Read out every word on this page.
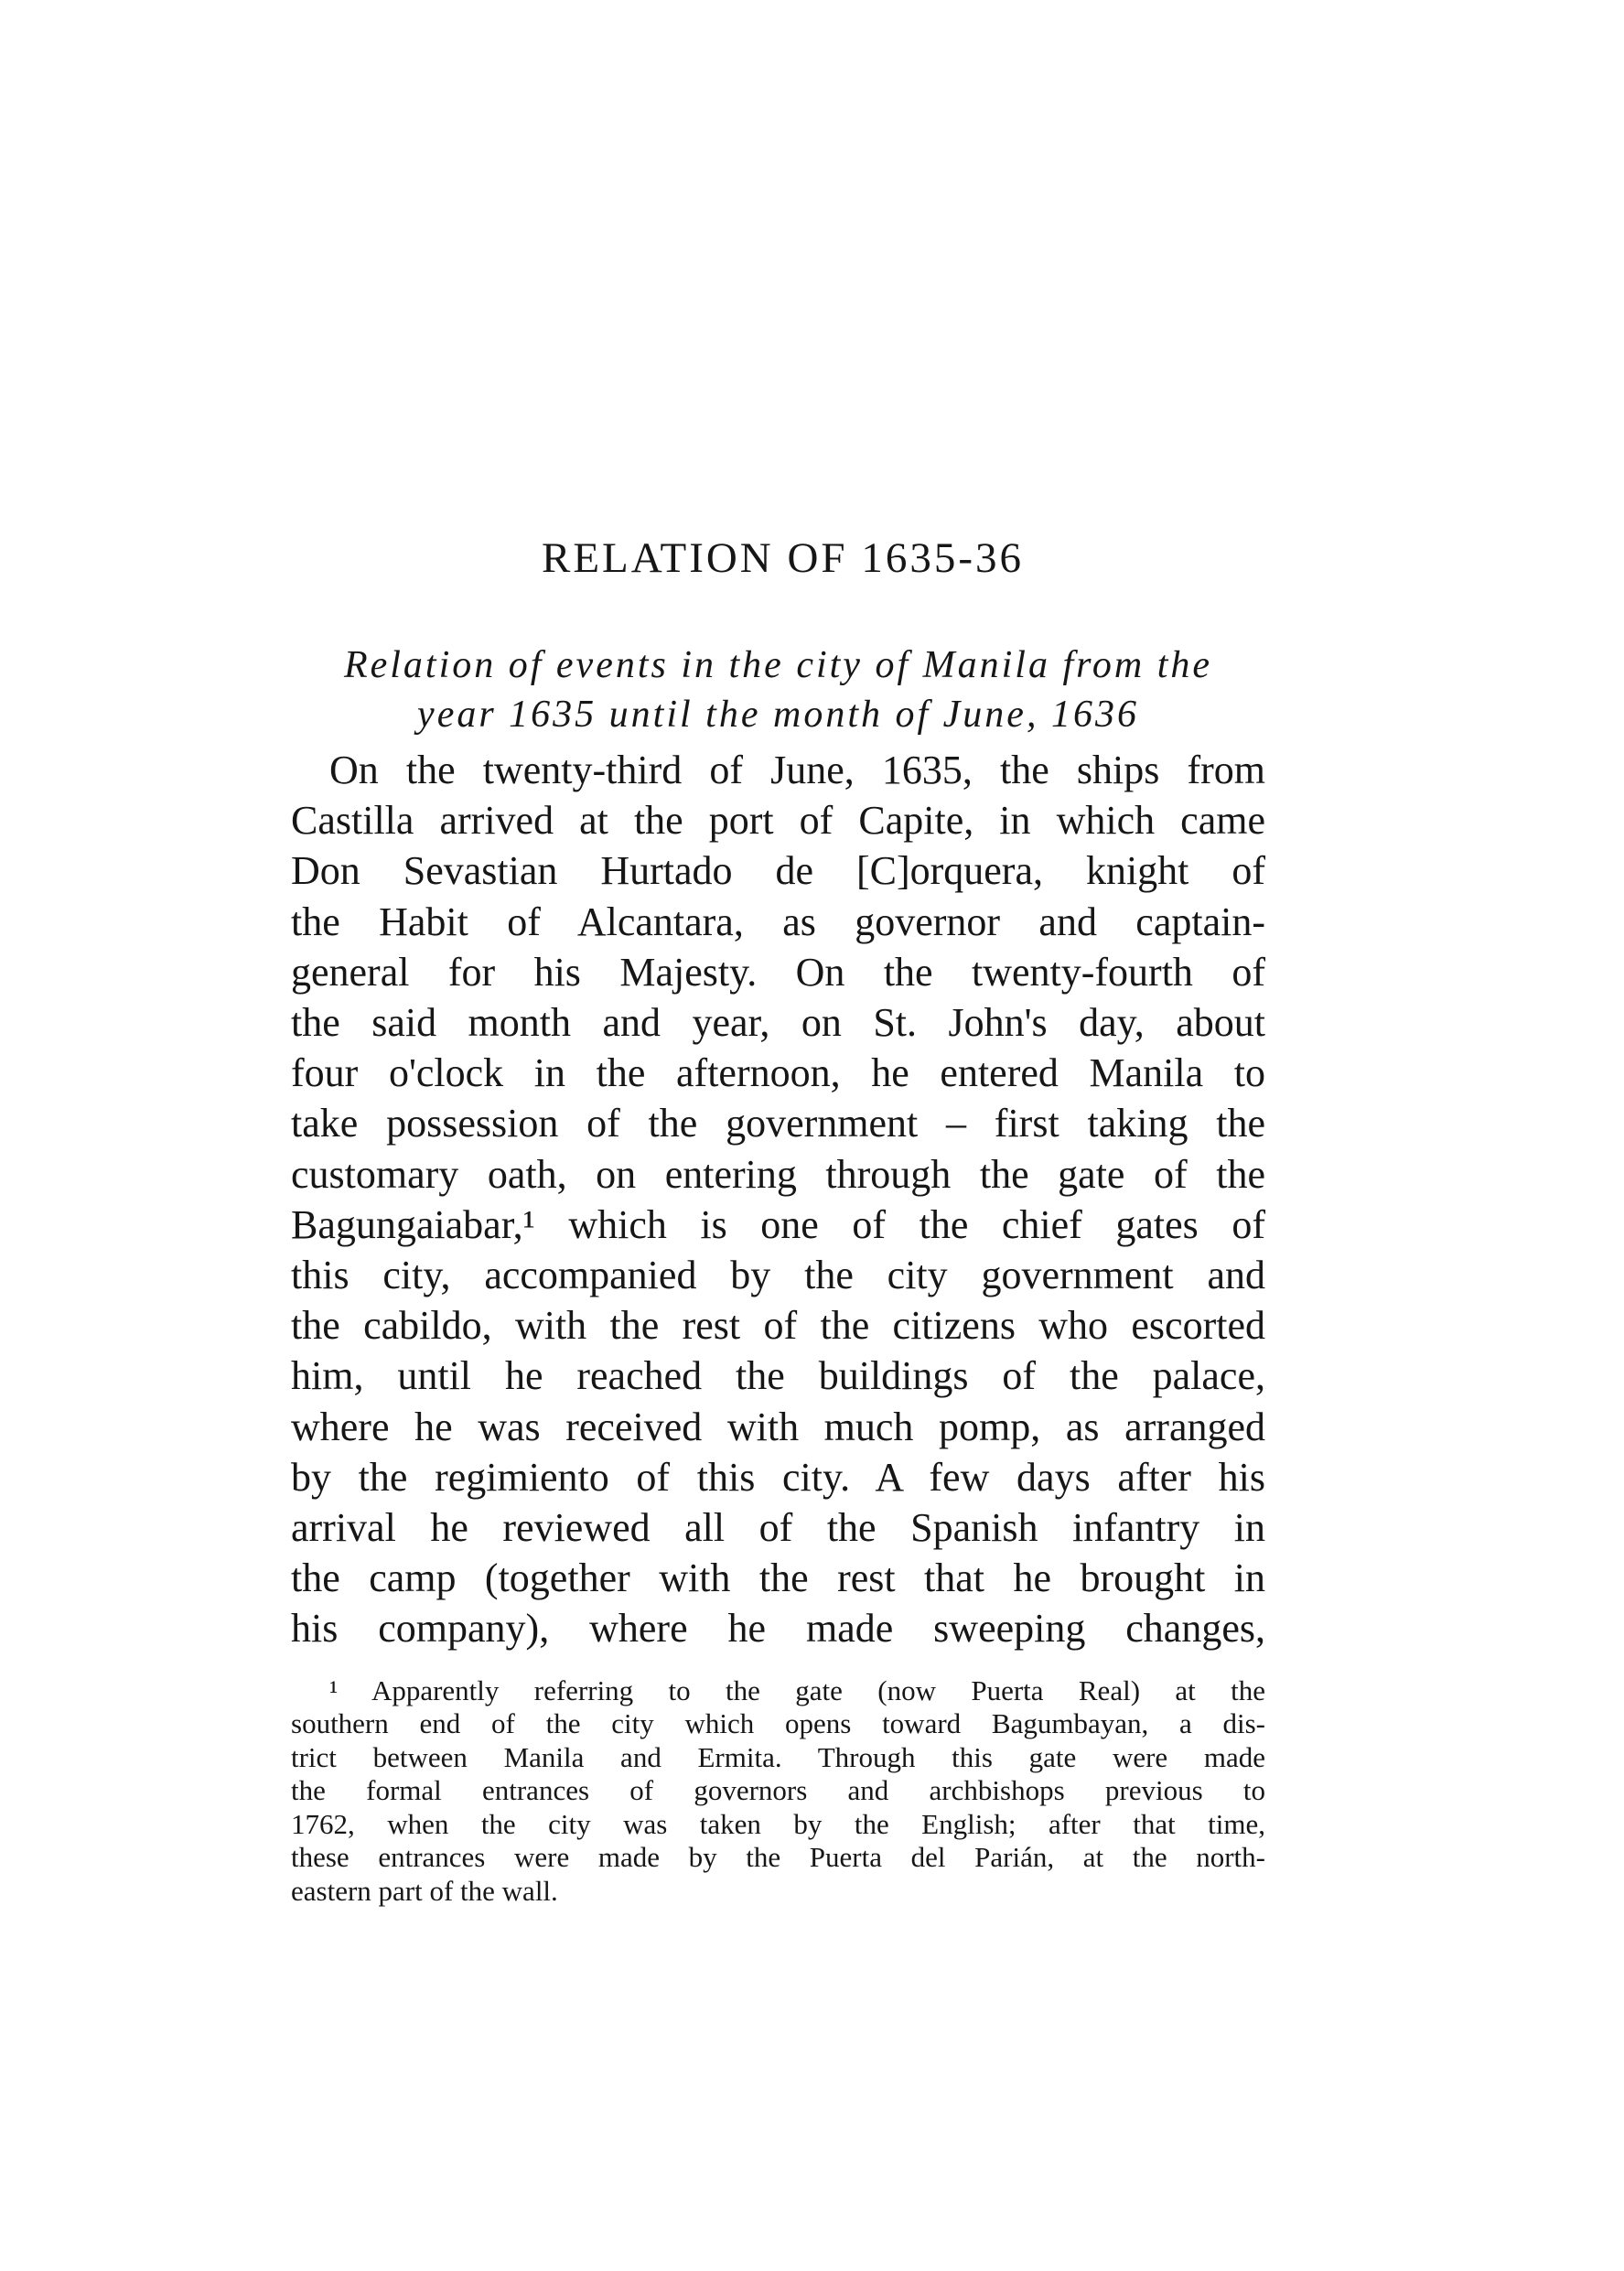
RELATION OF 1635-36
Relation of events in the city of Manila from the
year 1635 until the month of June, 1636
On the twenty-third of June, 1635, the ships from
Castilla arrived at the port of Capite, in which came
Don Sevastian Hurtado de [C]orquera, knight of
the Habit of Alcantara, as governor and captain-
general for his Majesty. On the twenty-fourth of
the said month and year, on St. John's day, about
four o'clock in the afternoon, he entered Manila to
take possession of the government – first taking the
customary oath, on entering through the gate of the
Bagungaiabar,¹ which is one of the chief gates of
this city, accompanied by the city government and
the cabildo, with the rest of the citizens who escorted
him, until he reached the buildings of the palace,
where he was received with much pomp, as arranged
by the regimiento of this city. A few days after his
arrival he reviewed all of the Spanish infantry in
the camp (together with the rest that he brought in
his company), where he made sweeping changes,
¹ Apparently referring to the gate (now Puerta Real) at the
southern end of the city which opens toward Bagumbayan, a dis-
trict between Manila and Ermita. Through this gate were made
the formal entrances of governors and archbishops previous to
1762, when the city was taken by the English; after that time,
these entrances were made by the Puerta del Parián, at the north-
eastern part of the wall.
